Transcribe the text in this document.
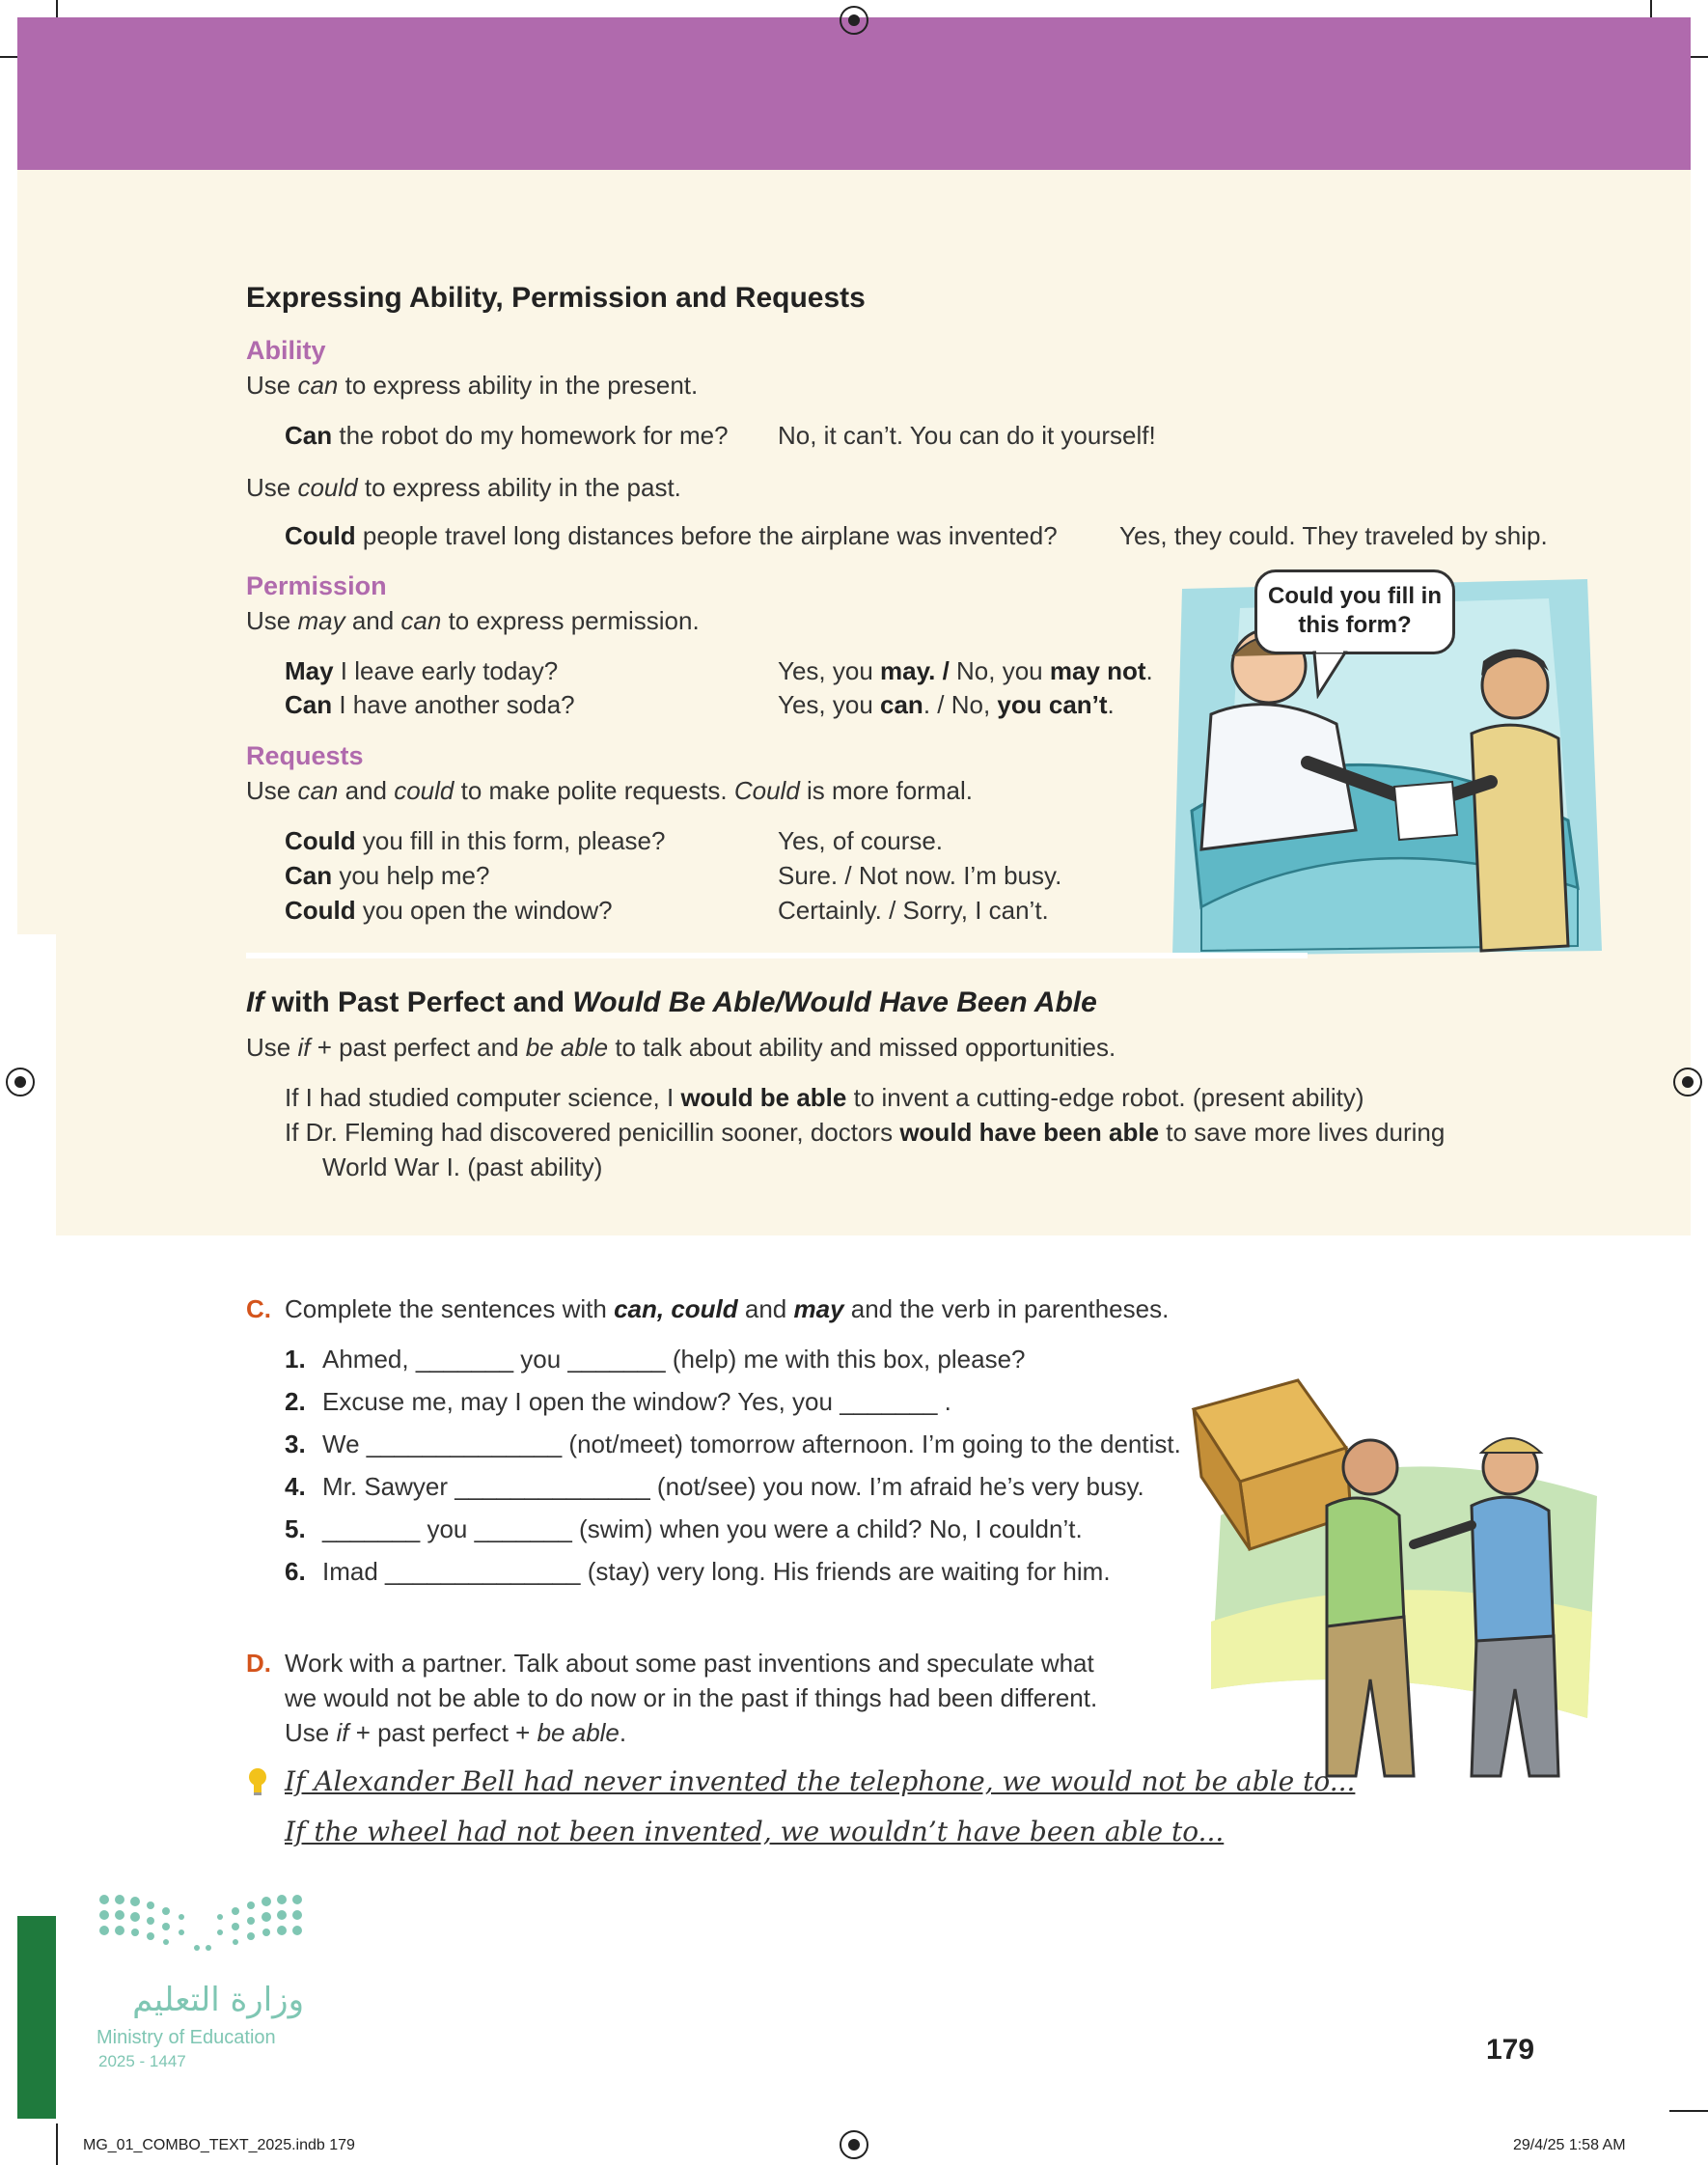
Expressing Ability, Permission and Requests
Ability
Use can to express ability in the present.
Can the robot do my homework for me? No, it can’t. You can do it yourself!
Use could to express ability in the past.
Could people travel long distances before the airplane was invented? Yes, they could. They traveled by ship.
Permission
Use may and can to express permission.
May I leave early today?	Yes, you may. / No, you may not.
Can I have another soda?	Yes, you can. / No, you can’t.
Requests
Use can and could to make polite requests. Could is more formal.
Could you fill in this form, please?	Yes, of course.
Can you help me?	Sure. / Not now. I’m busy.
Could you open the window?	Certainly. / Sorry, I can’t.
Could you fill in
this form?
If with Past Perfect and Would Be Able/Would Have Been Able
Use if + past perfect and be able to talk about ability and missed opportunities.
If I had studied computer science, I would be able to invent a cutting-edge robot. (present ability)
If Dr. Fleming had discovered penicillin sooner, doctors would have been able to save more lives during
World War I. (past ability)
C. Complete the sentences with can, could and may and the verb in parentheses.
1. Ahmed, _______ you _______ (help) me with this box, please?
2. Excuse me, may I open the window? Yes, you _______ .
3. We ______________ (not/meet) tomorrow afternoon. I’m going to the dentist.
4. Mr. Sawyer ______________ (not/see) you now. I’m afraid he’s very busy.
5. _______ you _______ (swim) when you were a child? No, I couldn’t.
6. Imad ______________ (stay) very long. His friends are waiting for him.
D. Work with a partner. Talk about some past inventions and speculate what
we would not be able to do now or in the past if things had been different.
Use if + past perfect + be able.
If Alexander Bell had never invented the telephone, we would not be able to...
If the wheel had not been invented, we wouldn’t have been able to...
وزارة التعليم
Ministry of Education
2025 - 1447	179
MG_01_COMBO_TEXT_2025.indb 179	29/4/25 1:58 AM
